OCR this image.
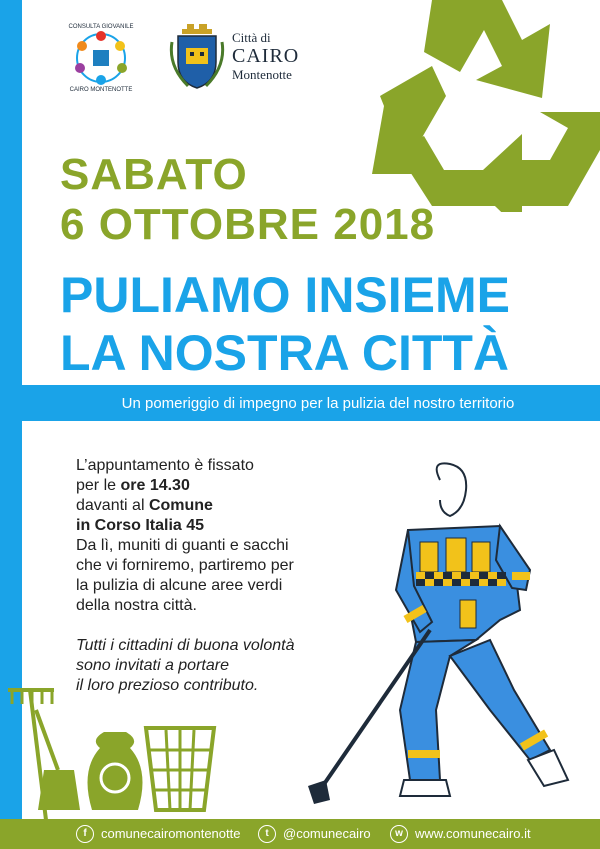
CONSULTA GIOVANILE
CAIRO MONTENOTTE
Città di
CAIRO
Montenotte
SABATO
6 OTTOBRE 2018
PULIAMO INSIEME
LA NOSTRA CITTÀ
Un pomeriggio di impegno per la pulizia del nostro territorio
L’appuntamento è fissato
per le ore 14.30
davanti al Comune
in Corso Italia 45
Da lì, muniti di guanti e sacchi
che vi forniremo, partiremo per
la pulizia di alcune aree verdi
della nostra città.
Tutti i cittadini di buona volontà
sono invitati a portare
il loro prezioso contributo.
f	comunecairomontenotte	t	@comunecairo	w www.comunecairo.it
